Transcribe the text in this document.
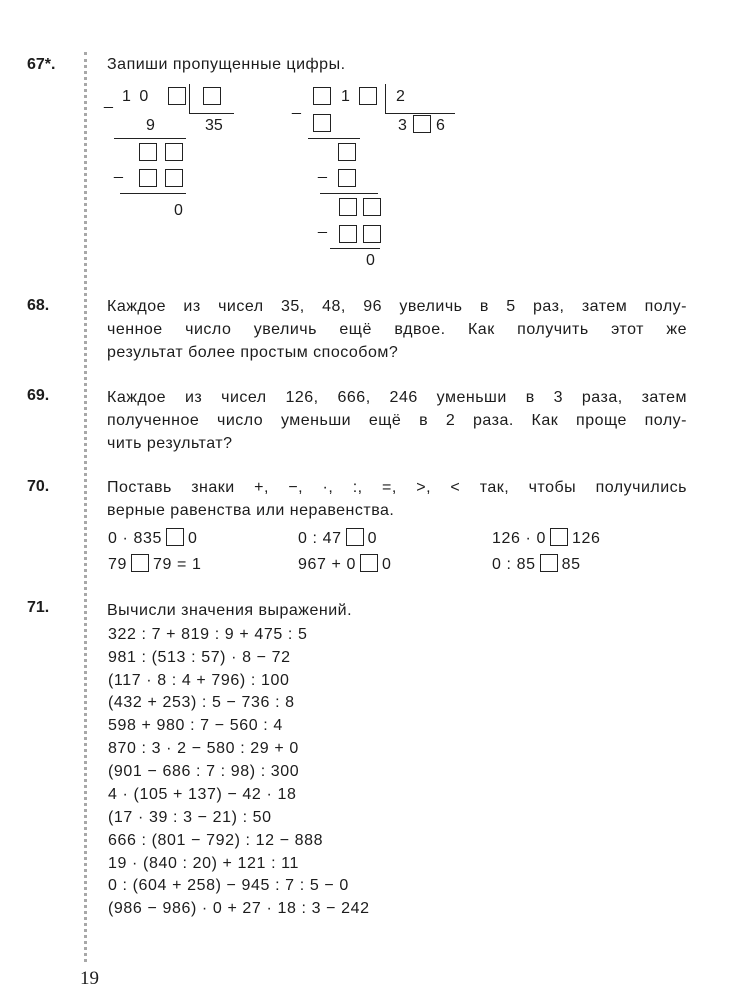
67*.	Запиши пропущенные цифры.
_ 1 0
9	35
_
0
_
1	2
3 6
_
_
0
68.	Каждое из чисел 35, 48, 96 увеличь в 5 раз, затем полу-
ченное число увеличь ещё вдвое. Как получить этот же
результат более простым способом?
69.	Каждое из чисел 126, 666, 246 уменьши в 3 раза, затем
полученное число уменьши ещё в 2 раза. Как проще полу-
чить результат?
70.	Поставь знаки +, −, ·, :, =, >, < так, чтобы получились
верные равенства или неравенства.
0 · 835 0	0 : 47 0	126 · 0 126
79 79 = 1	967 + 0 0	0 : 85 85
71.	Вычисли значения выражений.
322 : 7 + 819 : 9 + 475 : 5
981 : (513 : 57) · 8 − 72
(117 · 8 : 4 + 796) : 100
(432 + 253) : 5 − 736 : 8
598 + 980 : 7 − 560 : 4
870 : 3 · 2 − 580 : 29 + 0
(901 − 686 : 7 : 98) : 300
4 · (105 + 137) − 42 · 18
(17 · 39 : 3 − 21) : 50
666 : (801 − 792) : 12 − 888
19 · (840 : 20) + 121 : 11
0 : (604 + 258) − 945 : 7 : 5 − 0
(986 − 986) · 0 + 27 · 18 : 3 − 242
19
